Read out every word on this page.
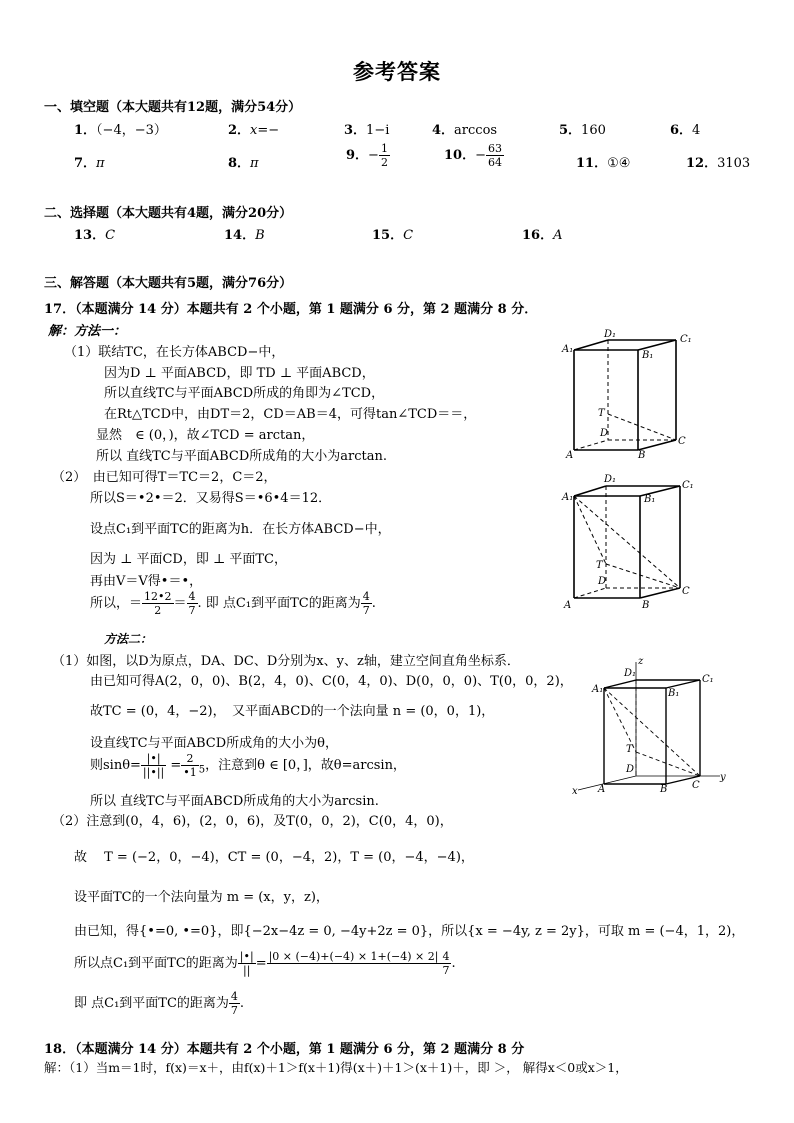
参考答案
一、填空题（本大题共有12题，满分54分）
1．（−4，−3）	2．x=−	3．1−i	4．arccos	5．160	6．4
7．π	8．π
9．− $\frac{1}{2}$	10．− $\frac{63}{64}$	11．①④	12．3103
二、选择题（本大题共有4题，满分20分）
13．C	14．B	15．C	16．A
三、解答题（本大题共有5题，满分76分）
17．（本题满分 14 分）本题共有 2 个小题，第 1 题满分 6 分，第 2 题满分 8 分．
解：方法一：
（1）联结TC，在长方体ABCD−中，
因为D ⊥ 平面ABCD，即 TD ⊥ 平面ABCD，
所以直线TC与平面ABCD所成的角即为∠TCD，
在Rt△TCD中，由DT＝2，CD＝AB＝4，可得tan∠TCD＝＝，
显然　∈ (0，)，故∠TCD = arctan，
所以 直线TC与平面ABCD所成角的大小为arctan.
（2）　由已知可得T＝TC＝2，C＝2，
所以S＝•2•＝2．又易得S＝•6•4＝12．
设点C₁到平面TC的距离为h．在长方体ABCD−中，
因为 ⊥ 平面CD，即 ⊥ 平面TC，
再由V＝V得•＝•，
所以，＝ $\frac{12•2}{2} = \frac{4}{7}$ . 即 点C₁到平面TC的距离为 $\frac{4}{7}$ .
方法二：
（1）如图，以D为原点，DA、DC、D分别为x、y、z轴，建立空间直角坐标系．
由已知可得A(2，0，0)、B(2，4，0)、C(0，4，0)、D(0，0，0)、T(0，0，2)，
故TC = (0，4，−2)，　又平面ABCD的一个法向量 n = (0，0，1)，
设直线TC与平面ABCD所成角的大小为θ，
则$\sin\theta= \frac{|•|}{||•||} = \frac{2}{•1} _5$，注意到θ ∈ [0，]，故θ=arcsin，
所以 直线TC与平面ABCD所成角的大小为arcsin.
（2）注意到(0，4，6)，(2，0，6)，及T(0，0，2)，C(0，4，0)，
故　 T = (−2，0，−4)，CT = (0，−4，2)，T = (0，−4，−4)，
设平面TC的一个法向量为 m = (x，y，z)，
由已知，得{•=0, •=0}，即{−2x−4z = 0, −4y+2z = 0}，所以{x = −4y, z = 2y}，可取 m = (−4，1，2)，
所以点C₁到平面TC的距离为 $\frac{|•|}{||} = |0 \times (-4)+(-4) \times 1+(-4) \times 2|$
$\frac{4}{7}$ .
即 点C₁到平面TC的距离为 $\frac{4}{7}$ .
18．（本题满分 14 分）本题共有 2 个小题，第 1 题满分 6 分，第 2 题满分 8 分
解：（1）当m＝1时，f(x)＝x＋，由f(x)＋1＞f(x＋1)得(x＋)＋1＞(x＋1)＋，即 ＞， 解得x＜0或x＞1，
D₁
A₁
B₁
C₁
T
D
A	B
C
D₁
A₁	B₁
C₁
T
D
A	B
C
z
D₁
A₁	B₁
C₁
T
D
A	B C
x
y
